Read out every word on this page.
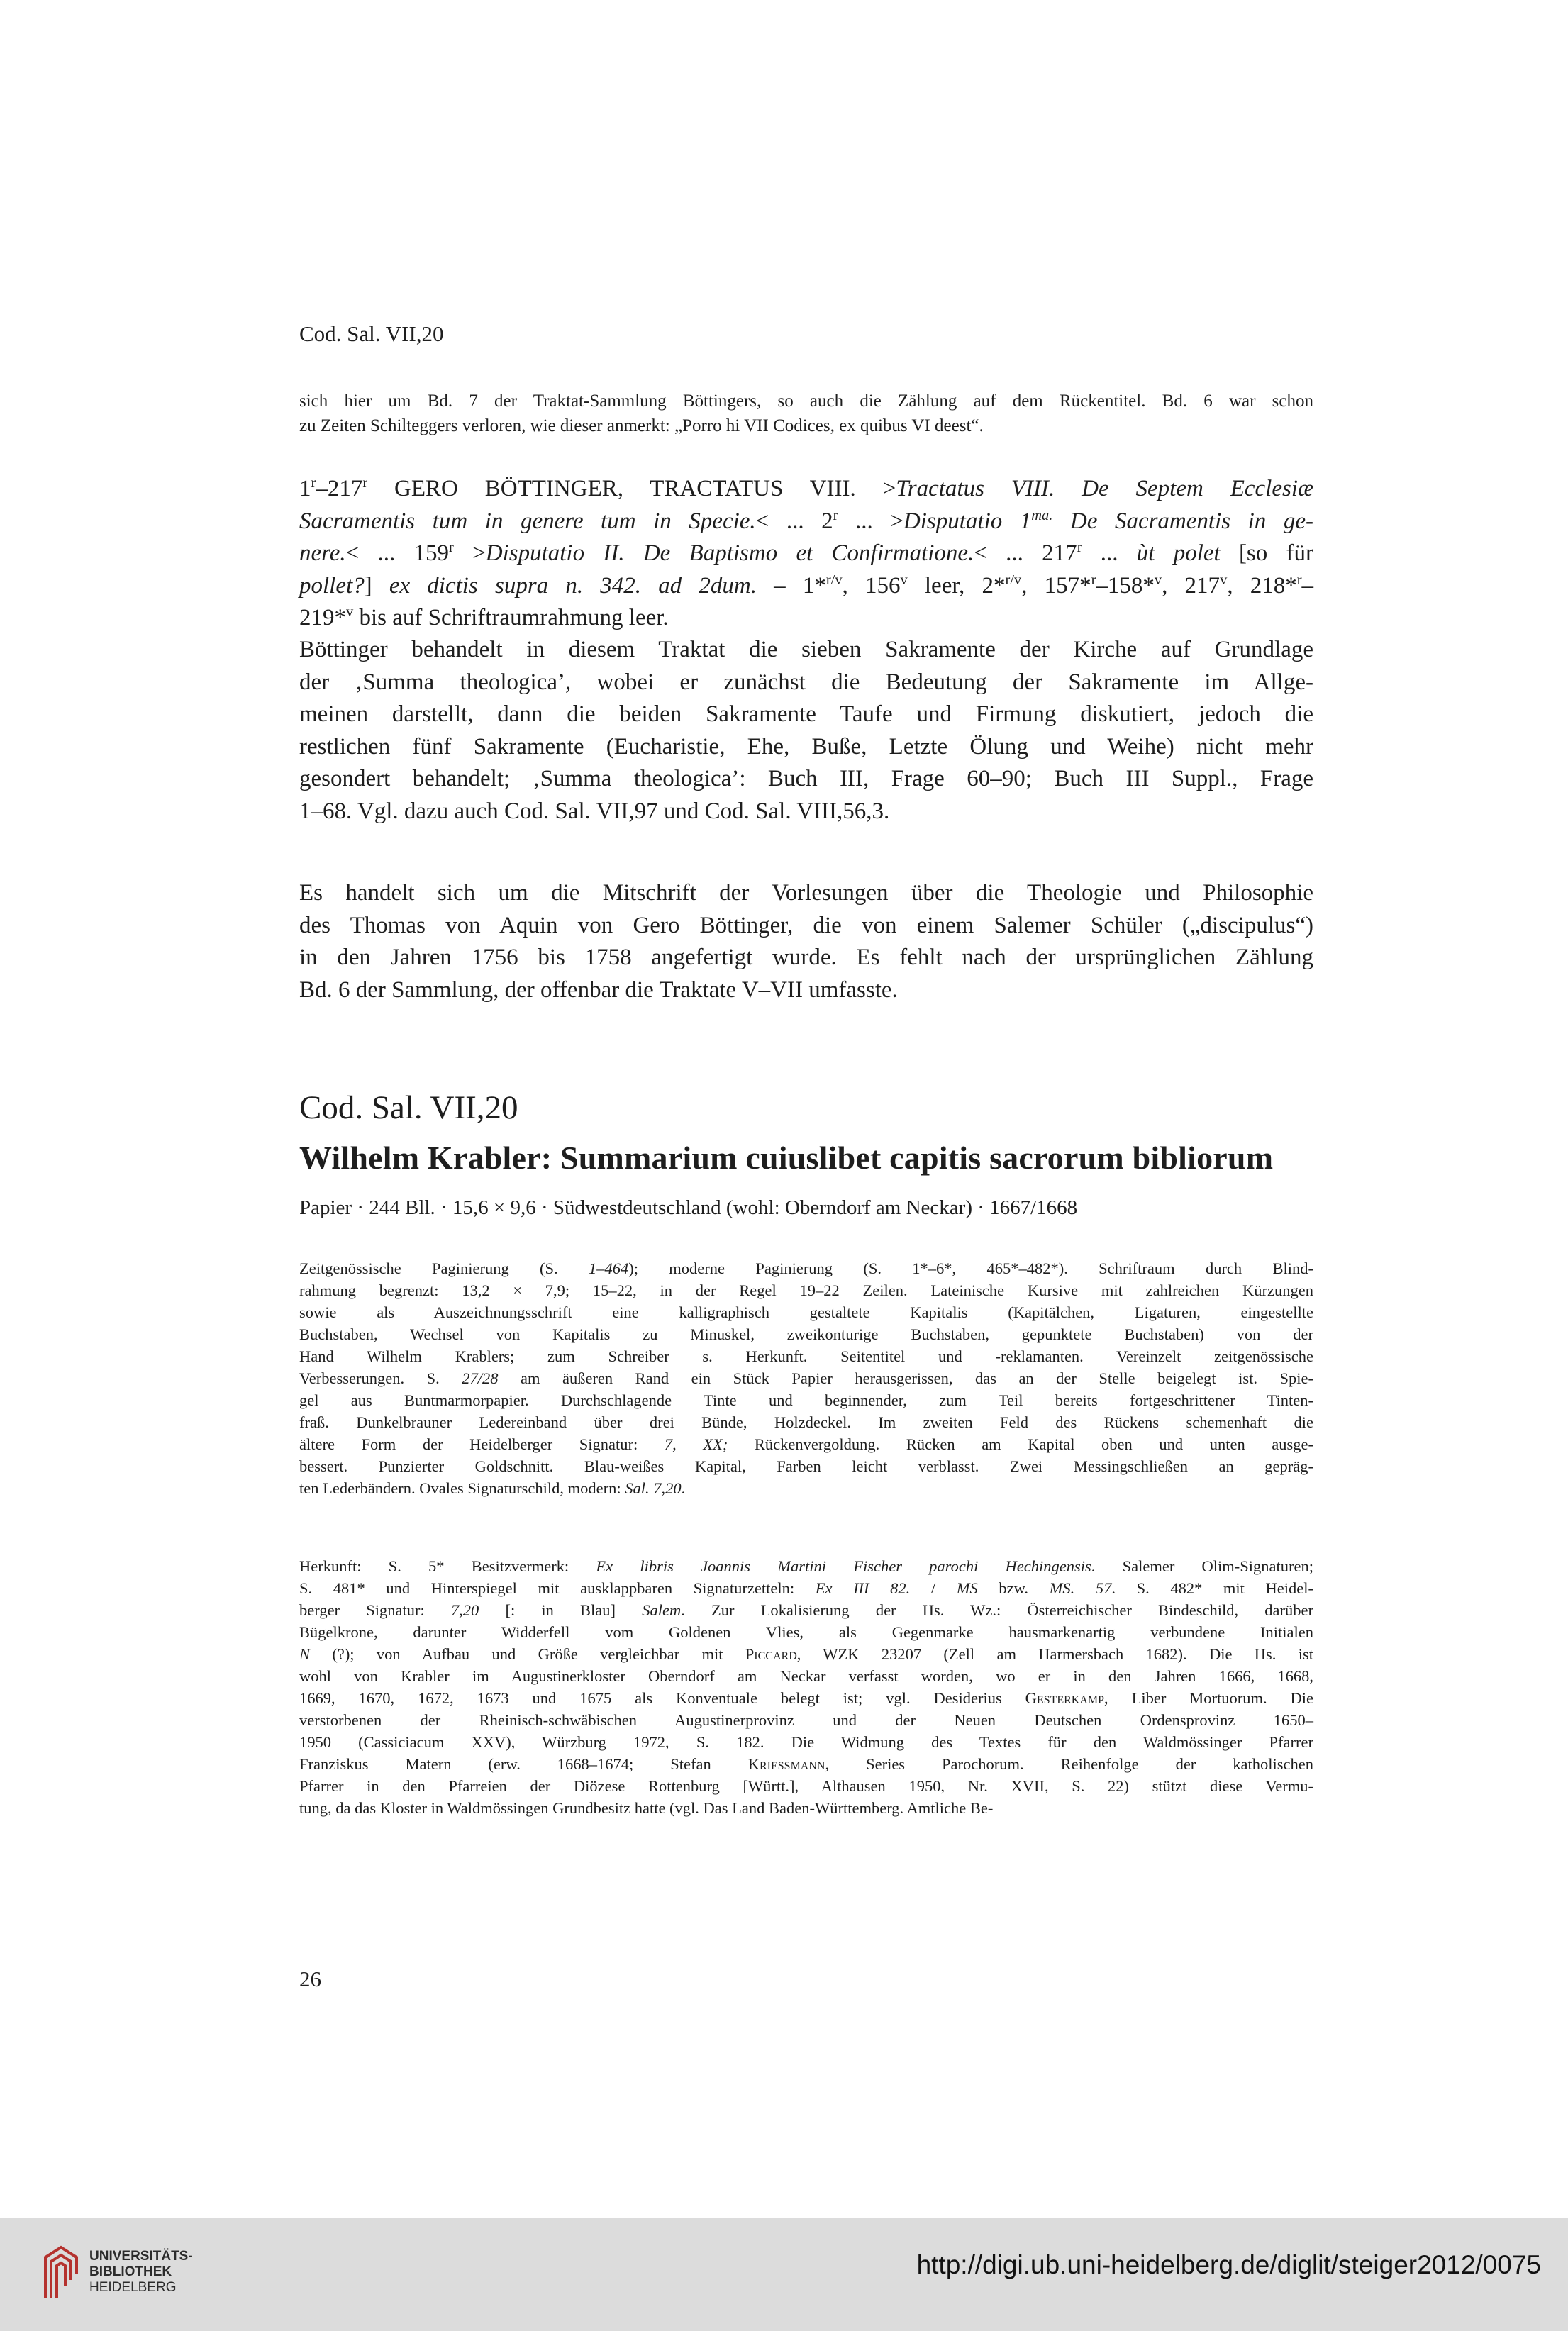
Cod. Sal. VII,20
sich hier um Bd. 7 der Traktat-Sammlung Böttingers, so auch die Zählung auf dem Rückentitel. Bd. 6 war schon
zu Zeiten Schilteggers verloren, wie dieser anmerkt: „Porro hi VII Codices, ex quibus VI deest“.
1$^r$–217$^r$ GERO BÖTTINGER, TRACTATUS VIII. >Tractatus VIII. De Septem Ecclesiæ
Sacramentis tum in genere tum in Specie.< ... 2$^r$ ... >Disputatio $1^{ma.}$ De Sacramentis in ge-
nere.< ... $159^r$ >Disputatio II. De Baptismo et Confirmatione.< ... 217$^r$ ... ùt polet [so für
pollet?] ex dictis supra n. 342. ad 2dum. – 1*$^{r/v}$, 156$^v$ leer, 2*$^{r/v}$, 157*$^r$–158*$^v$, 217$^v$, 218*$^r$–
219*$^v$ bis auf Schriftraumrahmung leer.
Böttinger behandelt in diesem Traktat die sieben Sakramente der Kirche auf Grundlage
der ‚Summa theologica’, wobei er zunächst die Bedeutung der Sakramente im Allge-
meinen darstellt, dann die beiden Sakramente Taufe und Firmung diskutiert, jedoch die
restlichen fünf Sakramente (Eucharistie, Ehe, Buße, Letzte Ölung und Weihe) nicht mehr
gesondert behandelt; ‚Summa theologica’: Buch III, Frage 60–90; Buch III Suppl., Frage
1–68. Vgl. dazu auch Cod. Sal. VII,97 und Cod. Sal. VIII,56,3.
Es handelt sich um die Mitschrift der Vorlesungen über die Theologie und Philosophie
des Thomas von Aquin von Gero Böttinger, die von einem Salemer Schüler („discipulus“)
in den Jahren 1756 bis 1758 angefertigt wurde. Es fehlt nach der ursprünglichen Zählung
Bd. 6 der Sammlung, der offenbar die Traktate V–VII umfasste.
Cod. Sal. VII,20
Wilhelm Krabler: Summarium cuiuslibet capitis sacrorum bibliorum
Papier · 244 Bll. · 15,6 × 9,6 · Südwestdeutschland (wohl: Oberndorf am Neckar) · 1667/1668
Zeitgenössische Paginierung (S. 1–464); moderne Paginierung (S. 1*–6*, 465*–482*). Schriftraum durch Blind-
rahmung begrenzt: 13,2 × 7,9; 15–22, in der Regel 19–22 Zeilen. Lateinische Kursive mit zahlreichen Kürzungen
sowie als Auszeichnungsschrift eine kalligraphisch gestaltete Kapitalis (Kapitälchen, Ligaturen, eingestellte
Buchstaben, Wechsel von Kapitalis zu Minuskel, zweikonturige Buchstaben, gepunktete Buchstaben) von der
Hand Wilhelm Krablers; zum Schreiber s. Herkunft. Seitentitel und -reklamanten. Vereinzelt zeitgenössische
Verbesserungen. S. 27/28 am äußeren Rand ein Stück Papier herausgerissen, das an der Stelle beigelegt ist. Spie-
gel aus Buntmarmorpapier. Durchschlagende Tinte und beginnender, zum Teil bereits fortgeschrittener Tinten-
fraß. Dunkelbrauner Ledereinband über drei Bünde, Holzdeckel. Im zweiten Feld des Rückens schemenhaft die
ältere Form der Heidelberger Signatur: 7, XX; Rückenvergoldung. Rücken am Kapital oben und unten ausge-
bessert. Punzierter Goldschnitt. Blau-weißes Kapital, Farben leicht verblasst. Zwei Messingschließen an gepräg-
ten Lederbändern. Ovales Signaturschild, modern: Sal. 7,20.
Herkunft: S. 5* Besitzvermerk: Ex libris Joannis Martini Fischer parochi Hechingensis. Salemer Olim-Signaturen;
S. 481* und Hinterspiegel mit ausklappbaren Signaturzetteln: Ex III 82. / MS bzw. MS. 57. S. 482* mit Heidel-
berger Signatur: 7,20 [: in Blau] Salem. Zur Lokalisierung der Hs. Wz.: Österreichischer Bindeschild, darüber
Bügelkrone, darunter Widderfell vom Goldenen Vlies, als Gegenmarke hausmarkenartig verbundene Initialen
N (?); von Aufbau und Größe vergleichbar mit Piccard, WZK 23207 (Zell am Harmersbach 1682). Die Hs. ist
wohl von Krabler im Augustinerkloster Oberndorf am Neckar verfasst worden, wo er in den Jahren 1666, 1668,
1669, 1670, 1672, 1673 und 1675 als Konventuale belegt ist; vgl. Desiderius Gesterkamp, Liber Mortuorum. Die
verstorbenen der Rheinisch-schwäbischen Augustinerprovinz und der Neuen Deutschen Ordensprovinz 1650–
1950 (Cassiciacum XXV), Würzburg 1972, S. 182. Die Widmung des Textes für den Waldmössinger Pfarrer
Franziskus Matern (erw. 1668–1674; Stefan Kriessmann, Series Parochorum. Reihenfolge der katholischen
Pfarrer in den Pfarreien der Diözese Rottenburg [Württ.], Althausen 1950, Nr. XVII, S. 22) stützt diese Vermu-
tung, da das Kloster in Waldmössingen Grundbesitz hatte (vgl. Das Land Baden-Württemberg. Amtliche Be-
26
UNIVERSITÄTS-
BIBLIOTHEK
HEIDELBERG
http://digi.ub.uni-heidelberg.de/diglit/steiger2012/0075
